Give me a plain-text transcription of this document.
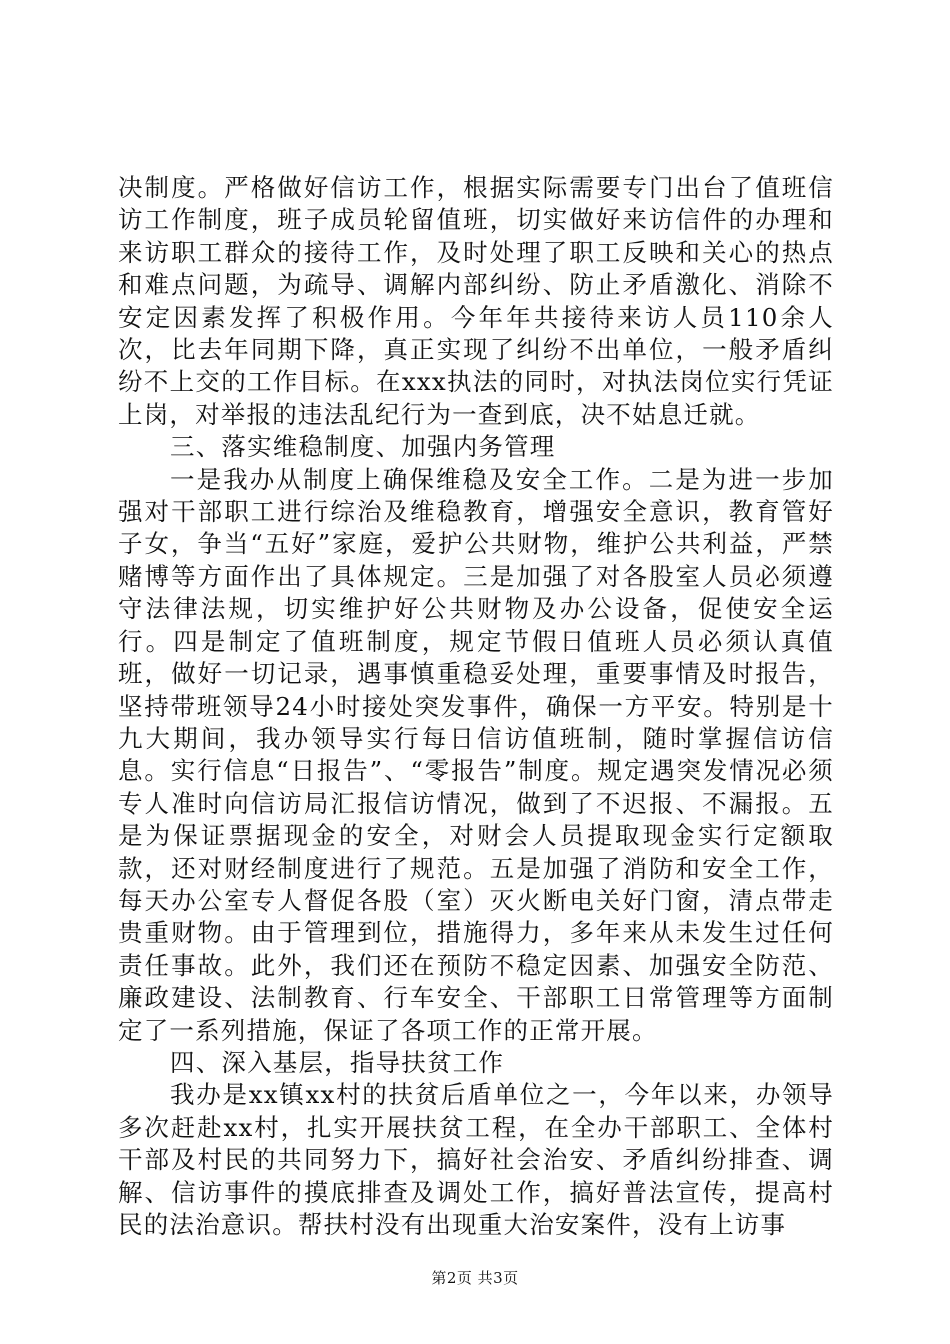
决制度。严格做好信访工作，根据实际需要专门出台了值班信访工作制度，班子成员轮留值班，切实做好来访信件的办理和来访职工群众的接待工作，及时处理了职工反映和关心的热点和难点问题，为疏导、调解内部纠纷、防止矛盾激化、消除不安定因素发挥了积极作用。今年年共接待来访人员110余人次，比去年同期下降，真正实现了纠纷不出单位，一般矛盾纠纷不上交的工作目标。在xxx执法的同时，对执法岗位实行凭证上岗，对举报的违法乱纪行为一查到底，决不姑息迁就。

三、落实维稳制度、加强内务管理

一是我办从制度上确保维稳及安全工作。二是为进一步加强对干部职工进行综治及维稳教育，增强安全意识，教育管好子女，争当“五好”家庭，爱护公共财物，维护公共利益，严禁赌博等方面作出了具体规定。三是加强了对各股室人员必须遵守法律法规，切实维护好公共财物及办公设备，促使安全运行。四是制定了值班制度，规定节假日值班人员必须认真值班，做好一切记录，遇事慎重稳妥处理，重要事情及时报告，坚持带班领导24小时接处突发事件，确保一方平安。特别是十九大期间，我办领导实行每日信访值班制，随时掌握信访信息。实行信息“日报告”、“零报告”制度。规定遇突发情况必须专人准时向信访局汇报信访情况，做到了不迟报、不漏报。五是为保证票据现金的安全，对财会人员提取现金实行定额取款，还对财经制度进行了规范。五是加强了消防和安全工作，每天办公室专人督促各股（室）灭火断电关好门窗，清点带走贵重财物。由于管理到位，措施得力，多年来从未发生过任何责任事故。此外，我们还在预防不稳定因素、加强安全防范、廉政建设、法制教育、行车安全、干部职工日常管理等方面制定了一系列措施，保证了各项工作的正常开展。

四、深入基层，指导扶贫工作

我办是xx镇xx村的扶贫后盾单位之一，今年以来，办领导多次赶赴xx村，扎实开展扶贫工程，在全办干部职工、全体村干部及村民的共同努力下，搞好社会治安、矛盾纠纷排查、调解、信访事件的摸底排查及调处工作，搞好普法宣传，提高村民的法治意识。帮扶村没有出现重大治安案件，没有上访事

第2页 共3页
